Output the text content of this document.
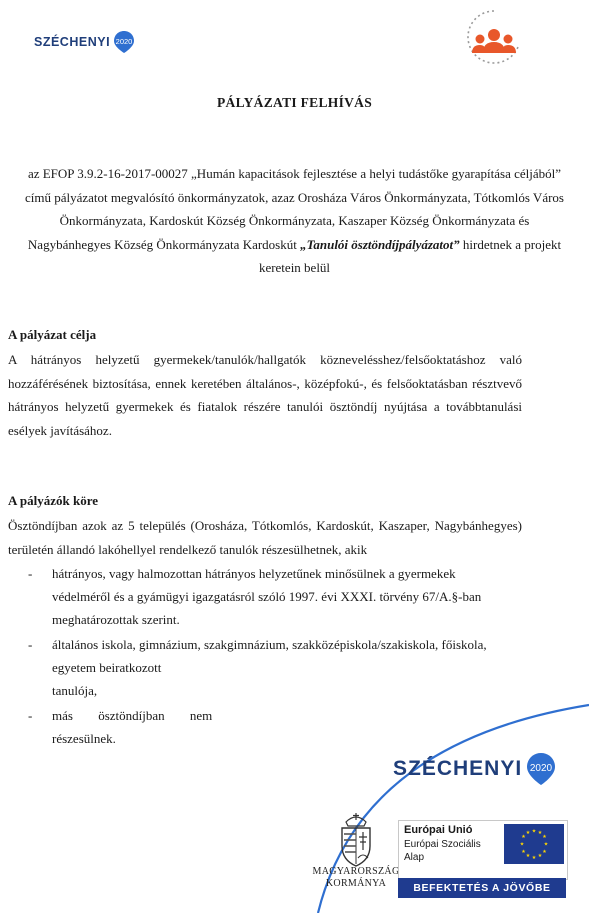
SZÉCHENYI 2020
PÁLYÁZATI FELHÍVÁS
az EFOP 3.9.2-16-2017-00027 „Humán kapacitások fejlesztése a helyi tudástőke gyarapítása céljából” című pályázatot megvalósító önkormányzatok, azaz Orosháza Város Önkormányzata, Tótkomlós Város Önkormányzata, Kardoskút Község Önkormányzata, Kaszaper Község Önkormányzata és Nagybánhegyes Község Önkormányzata Kardoskút „Tanulói ösztöndíjpályázatot” hirdetnek a projekt keretein belül
A pályázat célja
A hátrányos helyzetű gyermekek/tanulók/hallgatók köznevelésshez/felsőoktatáshoz való hozzáférésének biztosítása, ennek keretében általános-, középfokú-, és felsőoktatásban résztvevő hátrányos helyzetű gyermekek és fiatalok részére tanulói ösztöndíj nyújtása a továbbtanulási esélyek javításához.
A pályázók köre
Ösztöndíjban azok az 5 település (Orosháza, Tótkomlós, Kardoskút, Kaszaper, Nagybánhegyes) területén állandó lakóhellyel rendelkező tanulók részesülhetnek, akik
- hátrányos, vagy halmozottan hátrányos helyzetűnek minősülnek a gyermekek
védelméről és a gyámügyi igazgatásról szóló 1997. évi XXXI. törvény 67/A.§-ban
meghatározottak szerint.
- általános iskola, gimnázium, szakgimnázium, szakközépiskola/szakiskola, főiskola,
egyetem beiratkozott
tanulója,
- más ösztöndíjban nem
részesülnek.
SZÉCHENYI 2020
MAGYARORSZÁG
KORMÁNYA
Európai Unió
Európai Szociális
Alap
★ ★
★
★
★
★
★
★
★
★
★
★
BEFEKTETÉS A JÖVŐBE
